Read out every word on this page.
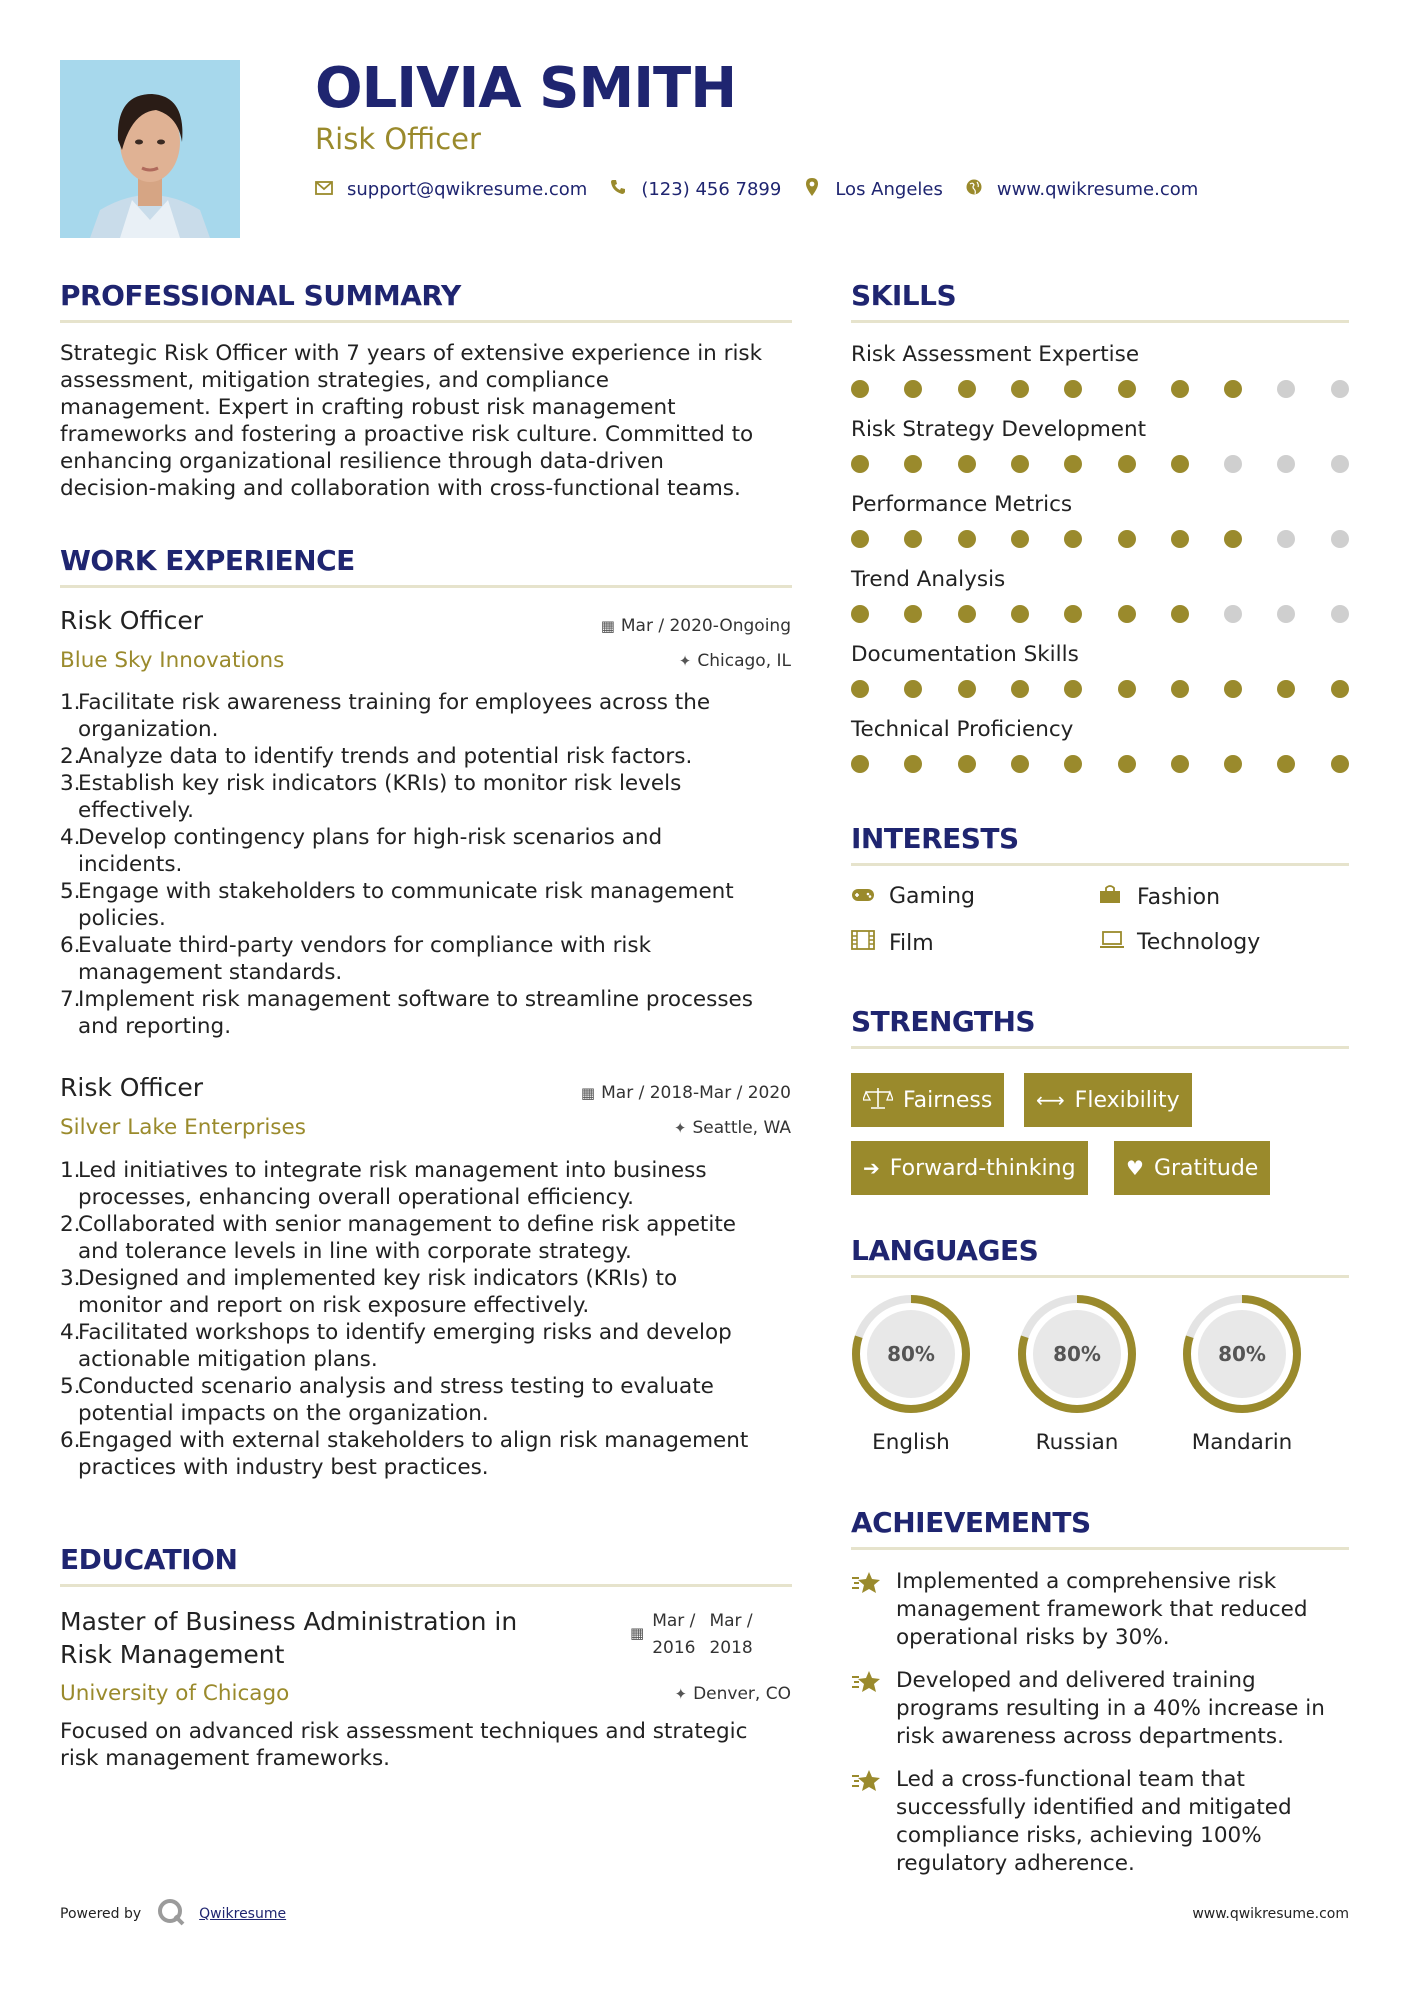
OLIVIA SMITH
Risk Officer
support@qwikresume.com	(123) 456 7899	Los Angeles	www.qwikresume.com
PROFESSIONAL SUMMARY
Strategic Risk Officer with 7 years of extensive experience in risk
assessment, mitigation strategies, and compliance
management. Expert in crafting robust risk management
frameworks and fostering a proactive risk culture. Committed to
enhancing organizational resilience through data-driven
decision-making and collaboration with cross-functional teams.
WORK EXPERIENCE
Risk Officer
Blue Sky Innovations
▦ Mar / 2020-Ongoing
✦ Chicago, IL
1.
Facilitate risk awareness training for employees across the
organization.
2.
Analyze data to identify trends and potential risk factors.
3.
Establish key risk indicators (KRIs) to monitor risk levels
effectively.
4.
Develop contingency plans for high-risk scenarios and
incidents.
5.
Engage with stakeholders to communicate risk management
policies.
6.
Evaluate third-party vendors for compliance with risk
management standards.
7.
Implement risk management software to streamline processes
and reporting.
Risk Officer
Silver Lake Enterprises
▦ Mar / 2018-Mar / 2020
✦ Seattle, WA
1.
Led initiatives to integrate risk management into business
processes, enhancing overall operational efficiency.
2.
Collaborated with senior management to define risk appetite
and tolerance levels in line with corporate strategy.
3.
Designed and implemented key risk indicators (KRIs) to
monitor and report on risk exposure effectively.
4.
Facilitated workshops to identify emerging risks and develop
actionable mitigation plans.
5.
Conducted scenario analysis and stress testing to evaluate
potential impacts on the organization.
6.
Engaged with external stakeholders to align risk management
practices with industry best practices.
EDUCATION
Master of Business Administration in
Risk Management
University of Chicago
▦
Mar /
2016
Mar /
2018
✦ Denver, CO
Focused on advanced risk assessment techniques and strategic
risk management frameworks.
SKILLS
Risk Assessment Expertise
Risk Strategy Development
Performance Metrics
Trend Analysis
Documentation Skills
Technical Proficiency
INTERESTS
Gaming	Fashion
Film	Technology
STRENGTHS
Fairness ⟷ Flexibility
➔ Forward-thinking	♥ Gratitude
LANGUAGES
80%
English
80%
Russian
80%
Mandarin
ACHIEVEMENTS
Implemented a comprehensive risk
management framework that reduced
operational risks by 30%.
Developed and delivered training
programs resulting in a 40% increase in
risk awareness across departments.
Led a cross-functional team that
successfully identified and mitigated
compliance risks, achieving 100%
regulatory adherence.
Powered by	Qwikresume	www.qwikresume.com
